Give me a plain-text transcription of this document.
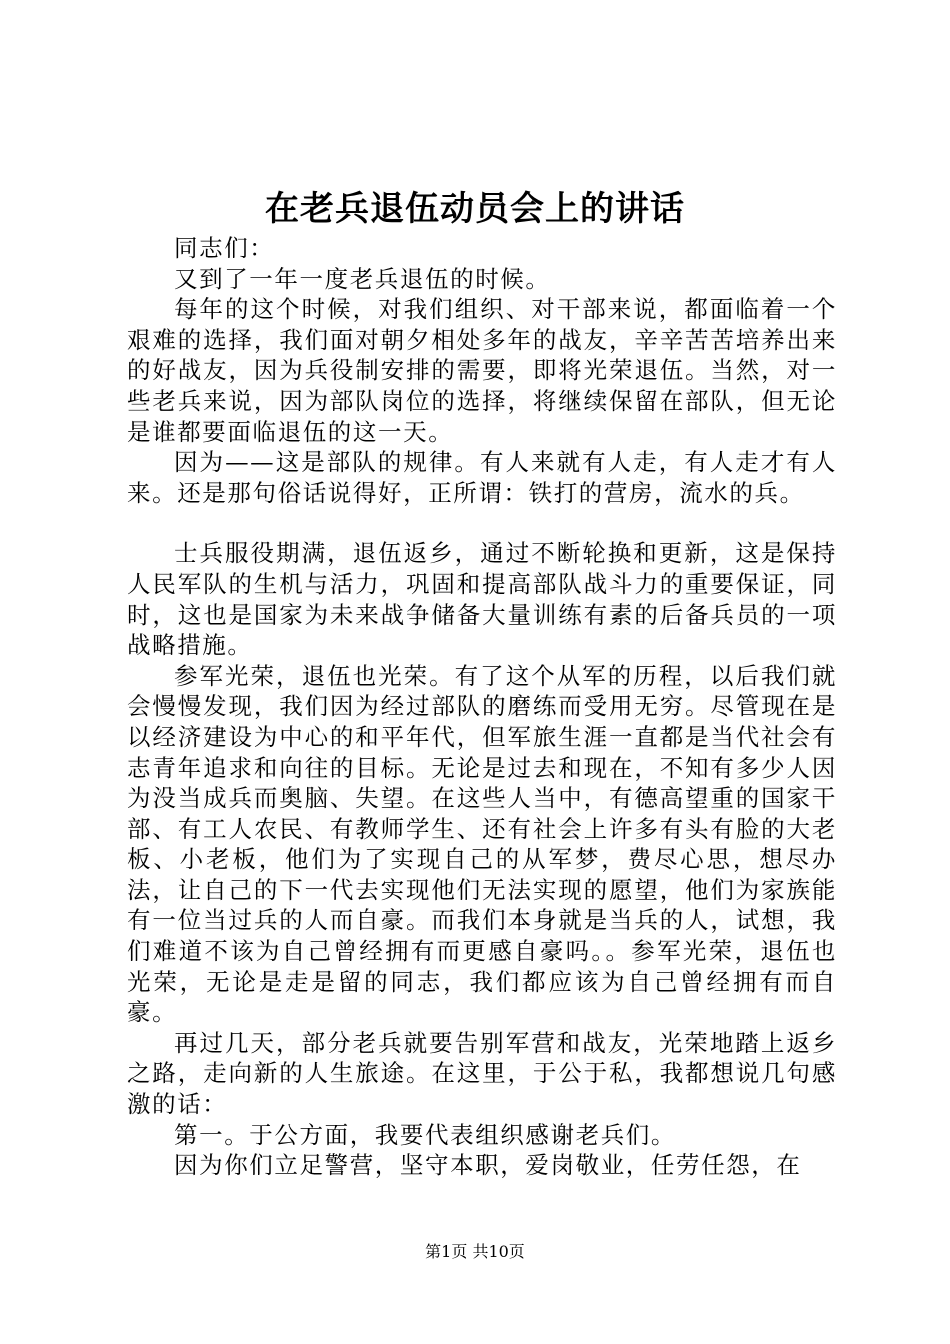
在老兵退伍动员会上的讲话

同志们：

又到了一年一度老兵退伍的时候。

每年的这个时候，对我们组织、对干部来说，都面临着一个艰难的选择，我们面对朝夕相处多年的战友，辛辛苦苦培养出来的好战友，因为兵役制安排的需要，即将光荣退伍。当然，对一些老兵来说，因为部队岗位的选择，将继续保留在部队，但无论是谁都要面临退伍的这一天。

因为——这是部队的规律。有人来就有人走，有人走才有人来。还是那句俗话说得好，正所谓：铁打的营房，流水的兵。

士兵服役期满，退伍返乡，通过不断轮换和更新，这是保持人民军队的生机与活力，巩固和提高部队战斗力的重要保证，同时，这也是国家为未来战争储备大量训练有素的后备兵员的一项战略措施。

参军光荣，退伍也光荣。有了这个从军的历程，以后我们就会慢慢发现，我们因为经过部队的磨练而受用无穷。尽管现在是以经济建设为中心的和平年代，但军旅生涯一直都是当代社会有志青年追求和向往的目标。无论是过去和现在，不知有多少人因为没当成兵而奥脑、失望。在这些人当中，有德高望重的国家干部、有工人农民、有教师学生、还有社会上许多有头有脸的大老板、小老板，他们为了实现自己的从军梦，费尽心思，想尽办法，让自己的下一代去实现他们无法实现的愿望，他们为家族能有一位当过兵的人而自豪。而我们本身就是当兵的人，试想，我们难道不该为自己曾经拥有而更感自豪吗。。参军光荣，退伍也光荣，无论是走是留的同志，我们都应该为自己曾经拥有而自豪。

再过几天，部分老兵就要告别军营和战友，光荣地踏上返乡之路，走向新的人生旅途。在这里，于公于私，我都想说几句感激的话：

第一。于公方面，我要代表组织感谢老兵们。

因为你们立足警营，坚守本职，爱岗敬业，任劳任怨，在

第1页 共10页
